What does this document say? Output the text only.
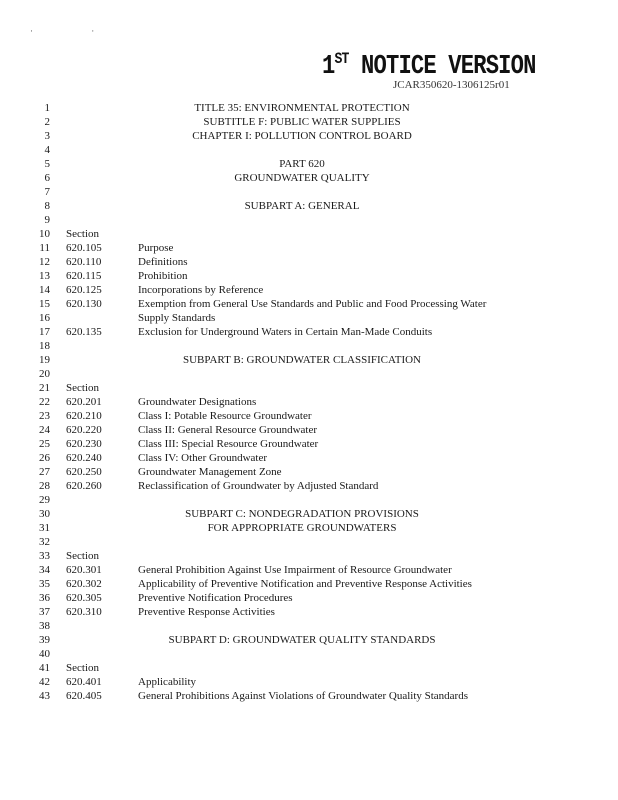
· ·
1ST NOTICE VERSION
JCAR350620-1306125r01
1	TITLE 35: ENVIRONMENTAL PROTECTION
2	SUBTITLE F: PUBLIC WATER SUPPLIES
3	CHAPTER I: POLLUTION CONTROL BOARD
4
5	PART 620
6	GROUNDWATER QUALITY
7
8	SUBPART A: GENERAL
9
10 Section
11 620.105	Purpose
12 620.110	Definitions
13 620.115	Prohibition
14 620.125	Incorporations by Reference
15 620.130	Exemption from General Use Standards and Public and Food Processing Water
16	Supply Standards
17 620.135	Exclusion for Underground Waters in Certain Man-Made Conduits
18
19	SUBPART B: GROUNDWATER CLASSIFICATION
20
21 Section
22 620.201	Groundwater Designations
23 620.210	Class I: Potable Resource Groundwater
24 620.220	Class II: General Resource Groundwater
25 620.230	Class III: Special Resource Groundwater
26 620.240	Class IV: Other Groundwater
27 620.250	Groundwater Management Zone
28 620.260	Reclassification of Groundwater by Adjusted Standard
29
30	SUBPART C: NONDEGRADATION PROVISIONS
31	FOR APPROPRIATE GROUNDWATERS
32
33 Section
34 620.301	General Prohibition Against Use Impairment of Resource Groundwater
35 620.302	Applicability of Preventive Notification and Preventive Response Activities
36 620.305	Preventive Notification Procedures
37 620.310	Preventive Response Activities
38
39	SUBPART D: GROUNDWATER QUALITY STANDARDS
40
41 Section
42 620.401	Applicability
43 620.405	General Prohibitions Against Violations of Groundwater Quality Standards
